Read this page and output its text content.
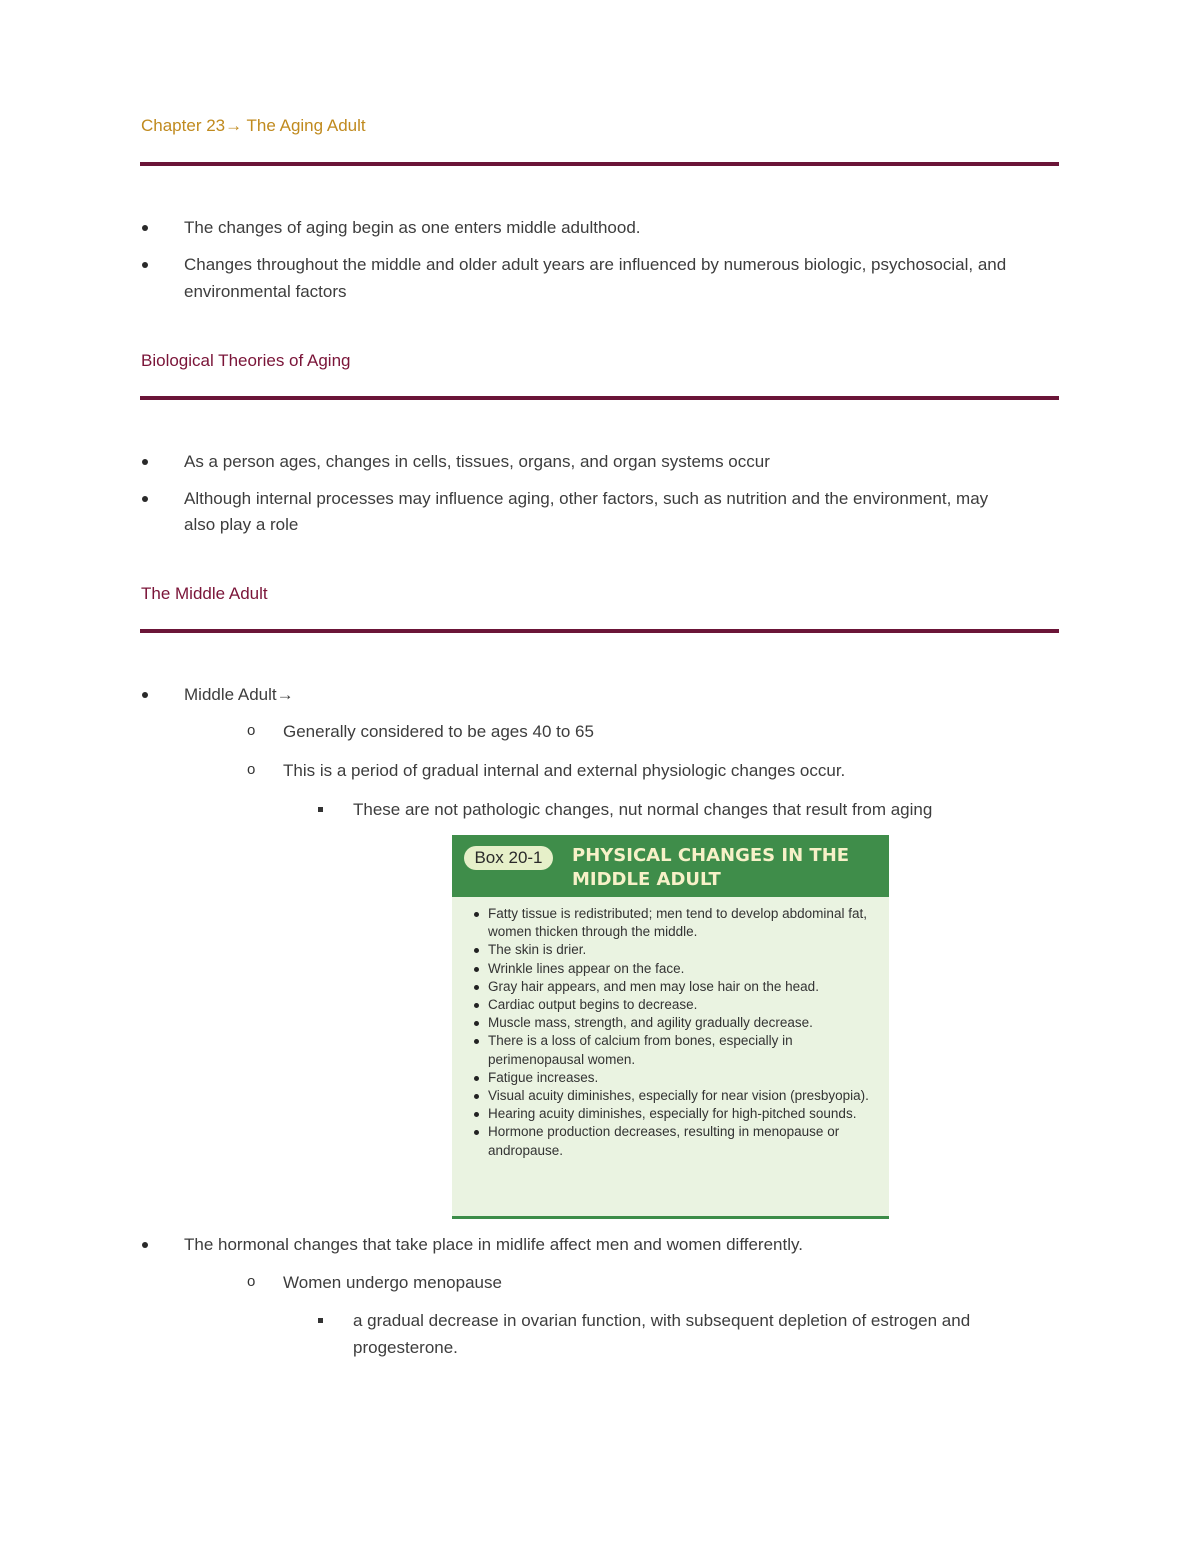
Chapter 23→ The Aging Adult
The changes of aging begin as one enters middle adulthood.
Changes throughout the middle and older adult years are influenced by numerous biologic, psychosocial, and
environmental factors
Biological Theories of Aging
As a person ages, changes in cells, tissues, organs, and organ systems occur
Although internal processes may influence aging, other factors, such as nutrition and the environment, may
also play a role
The Middle Adult
Middle Adult→
o Generally considered to be ages 40 to 65
o This is a period of gradual internal and external physiologic changes occur.
These are not pathologic changes, nut normal changes that result from aging
Box 20-1	PHYSICAL CHANGES IN THE
MIDDLE ADULT
Fatty tissue is redistributed; men tend to develop abdominal fat, women thicken through the middle.
The skin is drier.
Wrinkle lines appear on the face.
Gray hair appears, and men may lose hair on the head.
Cardiac output begins to decrease.
Muscle mass, strength, and agility gradually decrease.
There is a loss of calcium from bones, especially in perimenopausal women.
Fatigue increases.
Visual acuity diminishes, especially for near vision (presbyopia).
Hearing acuity diminishes, especially for high-pitched sounds.
Hormone production decreases, resulting in menopause or andropause.
The hormonal changes that take place in midlife affect men and women differently.
o Women undergo menopause
a gradual decrease in ovarian function, with subsequent depletion of estrogen and
progesterone.
